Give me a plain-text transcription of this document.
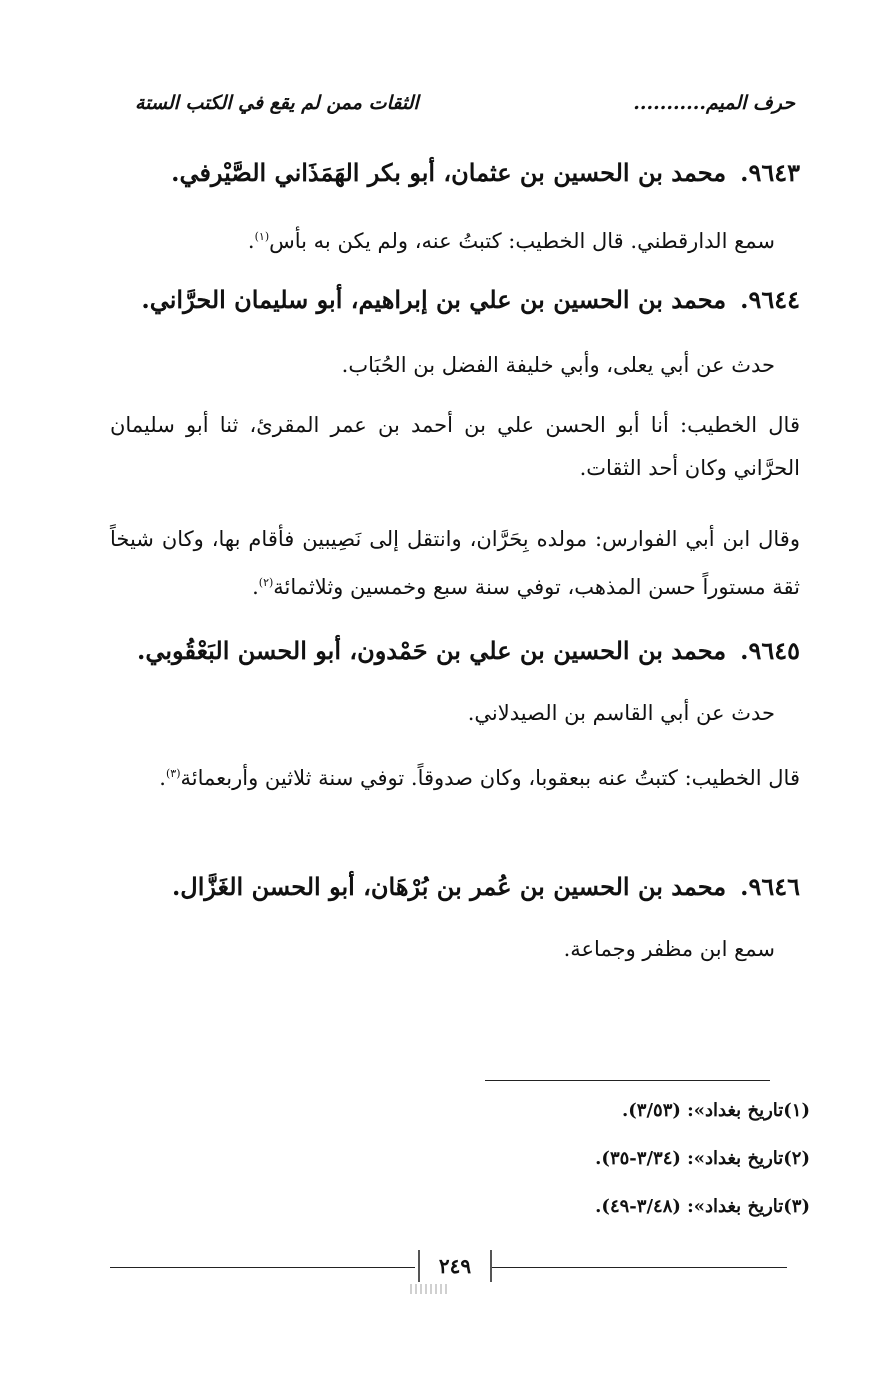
حرف الميم...........
الثقات ممن لم يقع في الكتب الستة
٩٦٤٣.محمد بن الحسين بن عثمان، أبو بكر الهَمَذَاني الصَّيْرفي.
سمع الدارقطني. قال الخطيب: كتبتُ عنه، ولم يكن به بأس$^{(١)}$.
٩٦٤٤.محمد بن الحسين بن علي بن إبراهيم، أبو سليمان الحرَّاني.
حدث عن أبي يعلى، وأبي خليفة الفضل بن الحُبَاب.
قال الخطيب: أنا أبو الحسن علي بن أحمد بن عمر المقرئ، ثنا أبو سليمان الحرَّاني وكان أحد الثقات.
وقال ابن أبي الفوارس: مولده بِحَرَّان، وانتقل إلى نَصِيبين فأقام بها، وكان شيخاً ثقة مستوراً حسن المذهب، توفي سنة سبع وخمسين وثلاثمائة$^{(٢)}$.
٩٦٤٥.محمد بن الحسين بن علي بن حَمْدون، أبو الحسن البَعْقُوبي.
حدث عن أبي القاسم بن الصيدلاني.
قال الخطيب: كتبتُ عنه ببعقوبا، وكان صدوقاً. توفي سنة ثلاثين وأربعمائة$^{(٣)}$.
٩٦٤٦.محمد بن الحسين بن عُمر بن بُرْهَان، أبو الحسن الغَزَّال.
سمع ابن مظفر وجماعة.
(١)تاريخ بغداد»: (٣/٥٣).
(٢)تاريخ بغداد»: (٣/٣٤-٣٥).
(٣)تاريخ بغداد»: (٣/٤٨-٤٩).
٢٤٩
